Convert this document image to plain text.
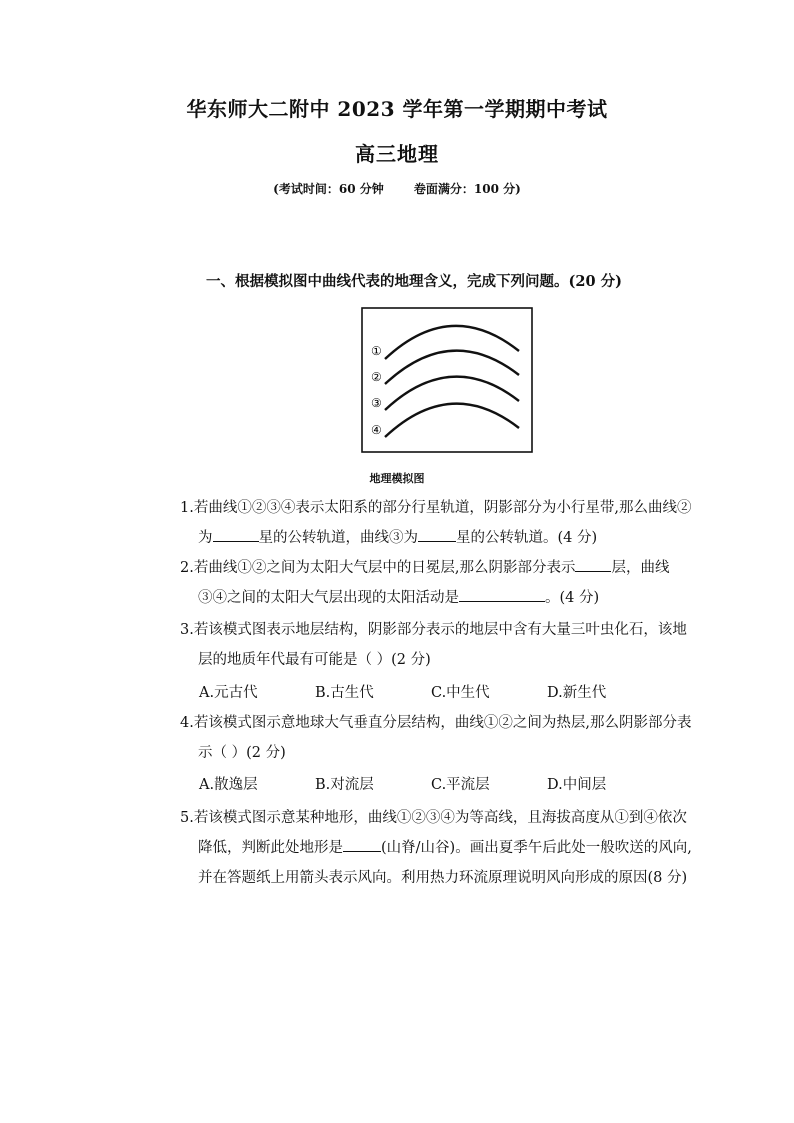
华东师大二附中 2023 学年第一学期期中考试
高三地理
(考试时间：60 分钟	卷面满分：100 分)
一、根据模拟图中曲线代表的地理含义，完成下列问题。(20 分)
①
②
③
④
地理模拟图
1.若曲线①②③④表示太阳系的部分行星轨道，阴影部分为小行星带,那么曲线②
为	星的公转轨道，曲线③为	星的公转轨道。(4 分)
2.若曲线①②之间为太阳大气层中的日冕层,那么阴影部分表示 层，曲线
③④之间的太阳大气层出现的太阳活动是	。(4 分)
3.若该模式图表示地层结构，阴影部分表示的地层中含有大量三叶虫化石，该地
层的地质年代最有可能是（ ）(2 分)
A.元古代	B.古生代	C.中生代	D.新生代
4.若该模式图示意地球大气垂直分层结构，曲线①②之间为热层,那么阴影部分表
示（ ）(2 分)
A.散逸层	B.对流层	C.平流层	D.中间层
5.若该模式图示意某种地形，曲线①②③④为等高线，且海拔高度从①到④依次
降低，判断此处地形是	(山脊/山谷)。画出夏季午后此处一般吹送的风向,
并在答题纸上用箭头表示风向。利用热力环流原理说明风向形成的原因(8 分)
